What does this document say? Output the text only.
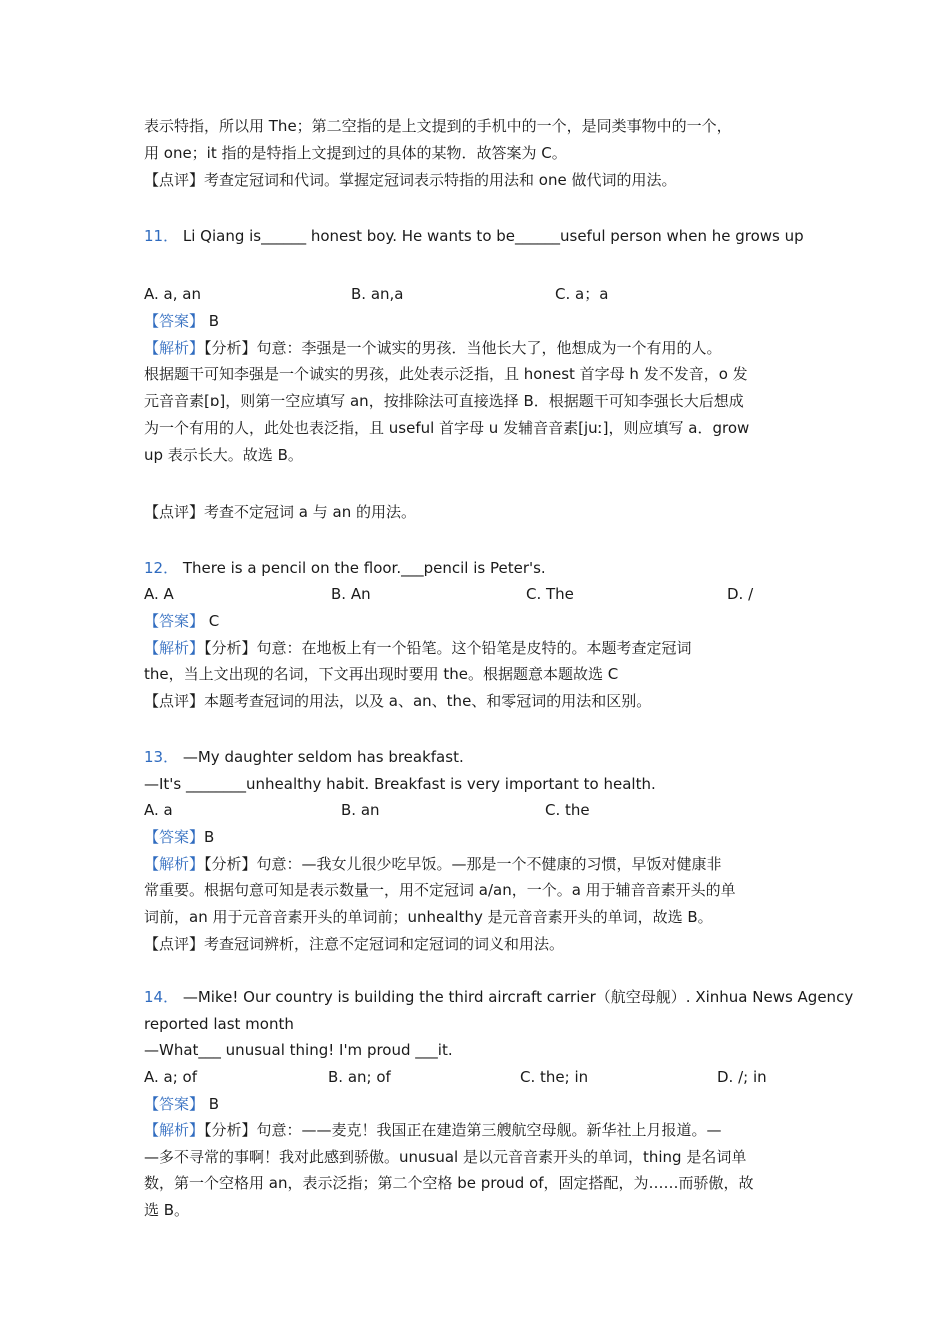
表示特指，所以用 The；第二空指的是上文提到的手机中的一个，是同类事物中的一个，
用 one；it 指的是特指上文提到过的具体的某物．故答案为 C。
【点评】考查定冠词和代词。掌握定冠词表示特指的用法和 one 做代词的用法。
11． Li Qiang is______ honest boy. He wants to be______useful person when he grows up
A. a, an	B. an,a	C. a；a
【答案】 B
【解析】【分析】句意：李强是一个诚实的男孩．当他长大了，他想成为一个有用的人。
根据题干可知李强是一个诚实的男孩，此处表示泛指，且 honest 首字母 h 发不发音，o 发
元音音素[ɒ]，则第一空应填写 an，按排除法可直接选择 B．根据题干可知李强长大后想成
为一个有用的人，此处也表泛指，且 useful 首字母 u 发辅音音素[juː]，则应填写 a．grow
up 表示长大。故选 B。
【点评】考查不定冠词 a 与 an 的用法。
12． There is a pencil on the floor.___pencil is Peter's.
A. A	B. An	C. The	D. /
【答案】 C
【解析】【分析】句意：在地板上有一个铅笔。这个铅笔是皮特的。本题考查定冠词
the，当上文出现的名词，下文再出现时要用 the。根据题意本题故选 C
【点评】本题考查冠词的用法，以及 a、an、the、和零冠词的用法和区别。
13． —My daughter seldom has breakfast.
—It's ________unhealthy habit. Breakfast is very important to health.
A. a	B. an	C. the
【答案】B
【解析】【分析】句意：—我女儿很少吃早饭。—那是一个不健康的习惯，早饭对健康非
常重要。根据句意可知是表示数量一，用不定冠词 a/an，一个。a 用于辅音音素开头的单
词前，an 用于元音音素开头的单词前；unhealthy 是元音音素开头的单词，故选 B。
【点评】考查冠词辨析，注意不定冠词和定冠词的词义和用法。
14． —Mike! Our country is building the third aircraft carrier（航空母舰）. Xinhua News Agency
reported last month
—What___ unusual thing! I'm proud ___it.
A. a; of	B. an; of	C. the; in	D. /; in
【答案】 B
【解析】【分析】句意：——麦克！我国正在建造第三艘航空母舰。新华社上月报道。—
—多不寻常的事啊！我对此感到骄傲。unusual 是以元音音素开头的单词，thing 是名词单
数，第一个空格用 an，表示泛指；第二个空格 be proud of，固定搭配，为……而骄傲，故
选 B。
